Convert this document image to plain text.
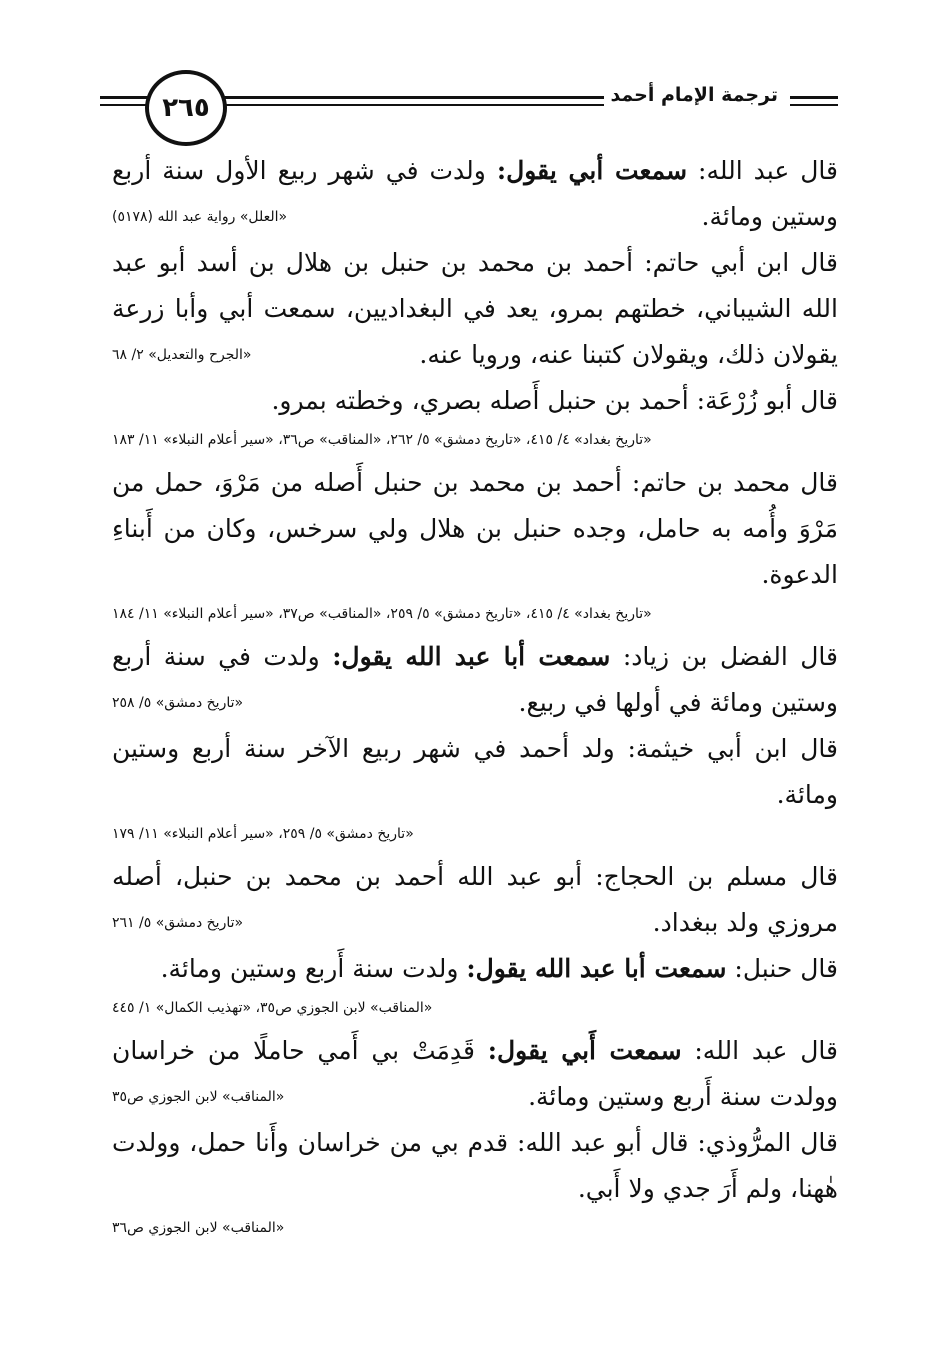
٢٦٥	ترجمة الإمام أحمد

قال عبد الله: سمعت أبي يقول: ولدت في شهر ربيع الأول سنة أربع وستين ومائة.
«العلل» رواية عبد الله (٥١٧٨)

قال ابن أبي حاتم: أحمد بن محمد بن حنبل بن هلال بن أسد أبو عبد الله الشيباني، خطتهم بمرو، يعد في البغداديين، سمعت أبي وأبا زرعة يقولان ذلك، ويقولان كتبنا عنه، ورويا عنه.
«الجرح والتعديل» ٢/ ٦٨

قال أبو زُرْعَة: أحمد بن حنبل أَصله بصري، وخطته بمرو.

«تاريخ بغداد» ٤/ ٤١٥، «تاريخ دمشق» ٥/ ٢٦٢، «المناقب» ص٣٦، «سير أعلام النبلاء» ١١/ ١٨٣

قال محمد بن حاتم: أحمد بن محمد بن حنبل أَصله من مَرْوَ، حمل من مَرْوَ وأُمه به حامل، وجده حنبل بن هلال ولي سرخس، وكان من أَبناءِ الدعوة.

«تاريخ بغداد» ٤/ ٤١٥، «تاريخ دمشق» ٥/ ٢٥٩، «المناقب» ص٣٧، «سير أعلام النبلاء» ١١/ ١٨٤

قال الفضل بن زياد: سمعت أبا عبد الله يقول: ولدت في سنة أربع وستين ومائة في أولها في ربيع.
«تاريخ دمشق» ٥/ ٢٥٨

قال ابن أبي خيثمة: ولد أحمد في شهر ربيع الآخر سنة أربع وستين ومائة.

«تاريخ دمشق» ٥/ ٢٥٩، «سير أعلام النبلاء» ١١/ ١٧٩

قال مسلم بن الحجاج: أبو عبد الله أحمد بن محمد بن حنبل، أصله مروزي ولد ببغداد.
«تاريخ دمشق» ٥/ ٢٦١

قال حنبل: سمعت أبا عبد الله يقول: ولدت سنة أَربع وستين ومائة.

«المناقب» لابن الجوزي ص٣٥، «تهذيب الكمال» ١/ ٤٤٥

قال عبد الله: سمعت أَبي يقول: قَدِمَتْ بي أَمي حاملًا من خراسان وولدت سنة أَربع وستين ومائة.
«المناقب» لابن الجوزي ص٣٥

قال المرُّوذي: قال أبو عبد الله: قدم بي من خراسان وأَنا حمل، وولدت هٰهنا، ولم أَرَ جدي ولا أَبي.

«المناقب» لابن الجوزي ص٣٦
